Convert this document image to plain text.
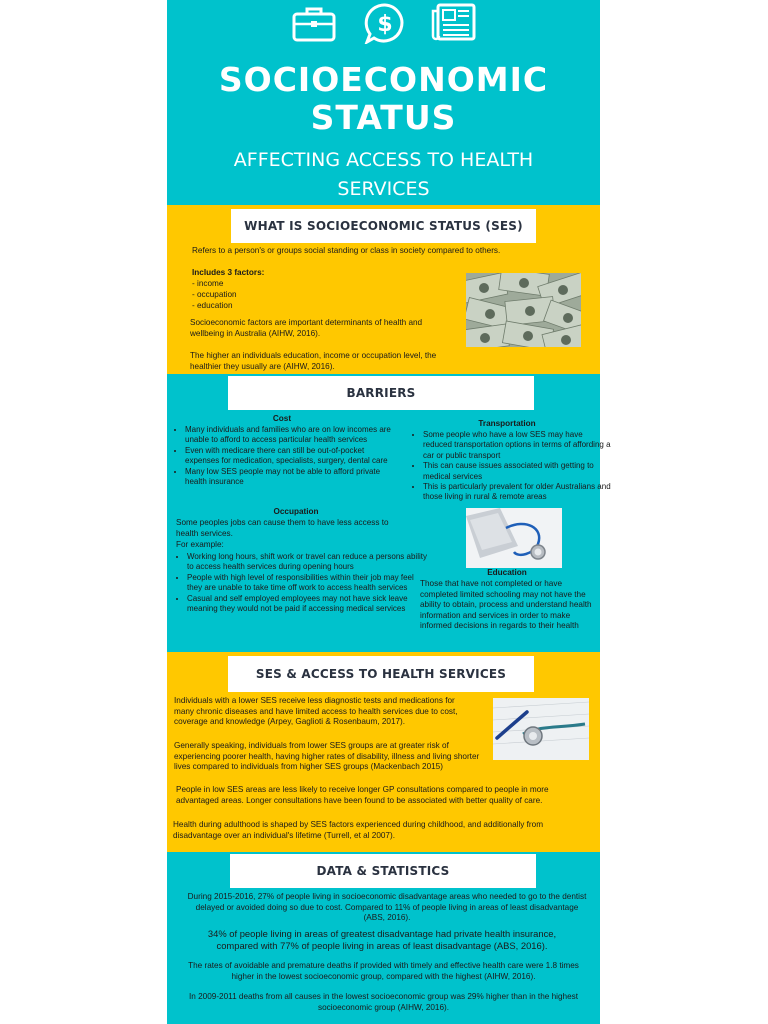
$
SOCIOECONOMIC
STATUS
AFFECTING ACCESS TO HEALTH
SERVICES
WHAT IS SOCIOECONOMIC STATUS (SES)

Refers to a person's or groups social standing or class in society compared to others.

Includes 3 factors:

- income

- occupation

- education

Socioeconomic factors are important determinants of health and wellbeing in Australia (AIHW, 2016).

The higher an individuals education, income or occupation level, the healthier they usually are (AIHW, 2016).

BARRIERS
Cost
• Many individuals and families who are on low incomes are unable to afford to access particular health services
• Even with medicare there can still be out-of-pocket expenses for medication, specialists, surgery, dental care
• Many low SES people may not be able to afford private health insurance
Transportation
• Some people who have a low SES may have reduced transportation options in terms of affording a car or public transport
• This can cause issues associated with getting to medical services
• This is particularly prevalent for older Australians and those living in rural & remote areas
Occupation

Some peoples jobs can cause them to have less access to health services.

For example:

• Working long hours, shift work or travel can reduce a persons ability to access health services during opening hours
• People with high level of responsibilities within their job may feel they are unable to take time off work to access health services
• Casual and self employed employees may not have sick leave meaning they would not be paid if accessing medical services
Education

Those that have not completed or have completed limited schooling may not have the ability to obtain, process and understand health information and services in order to make informed decisions in regards to their health

SES & ACCESS TO HEALTH SERVICES

Individuals with a lower SES receive less diagnostic tests and medications for many chronic diseases and have limited access to health services due to cost, coverage and knowledge (Arpey, Gaglioti & Rosenbaum, 2017).

Generally speaking, individuals from lower SES groups are at greater risk of experiencing poorer health, having higher rates of disability, illness and living shorter lives compared to individuals from higher SES groups (Mackenbach 2015)

People in low SES areas are less likely to receive longer GP consultations compared to people in more advantaged areas. Longer consultations have been found to be associated with better quality of care.

Health during adulthood is shaped by SES factors experienced during childhood, and additionally from disadvantage over an individual's lifetime (Turrell, et al 2007).

DATA & STATISTICS

During 2015-2016, 27% of people living in socioeconomic disadvantage areas who needed to go to the dentist delayed or avoided doing so due to cost. Compared to 11% of people living in areas of least disadvantage (ABS, 2016).

34% of people living in areas of greatest disadvantage had private health insurance, compared with 77% of people living in areas of least disadvantage (ABS, 2016).

The rates of avoidable and premature deaths if provided with timely and effective health care were 1.8 times higher in the lowest socioeconomic group, compared with the highest (AIHW, 2016).

In 2009-2011 deaths from all causes in the lowest socioeconomic group was 29% higher than in the highest socioeconomic group (AIHW, 2016).
